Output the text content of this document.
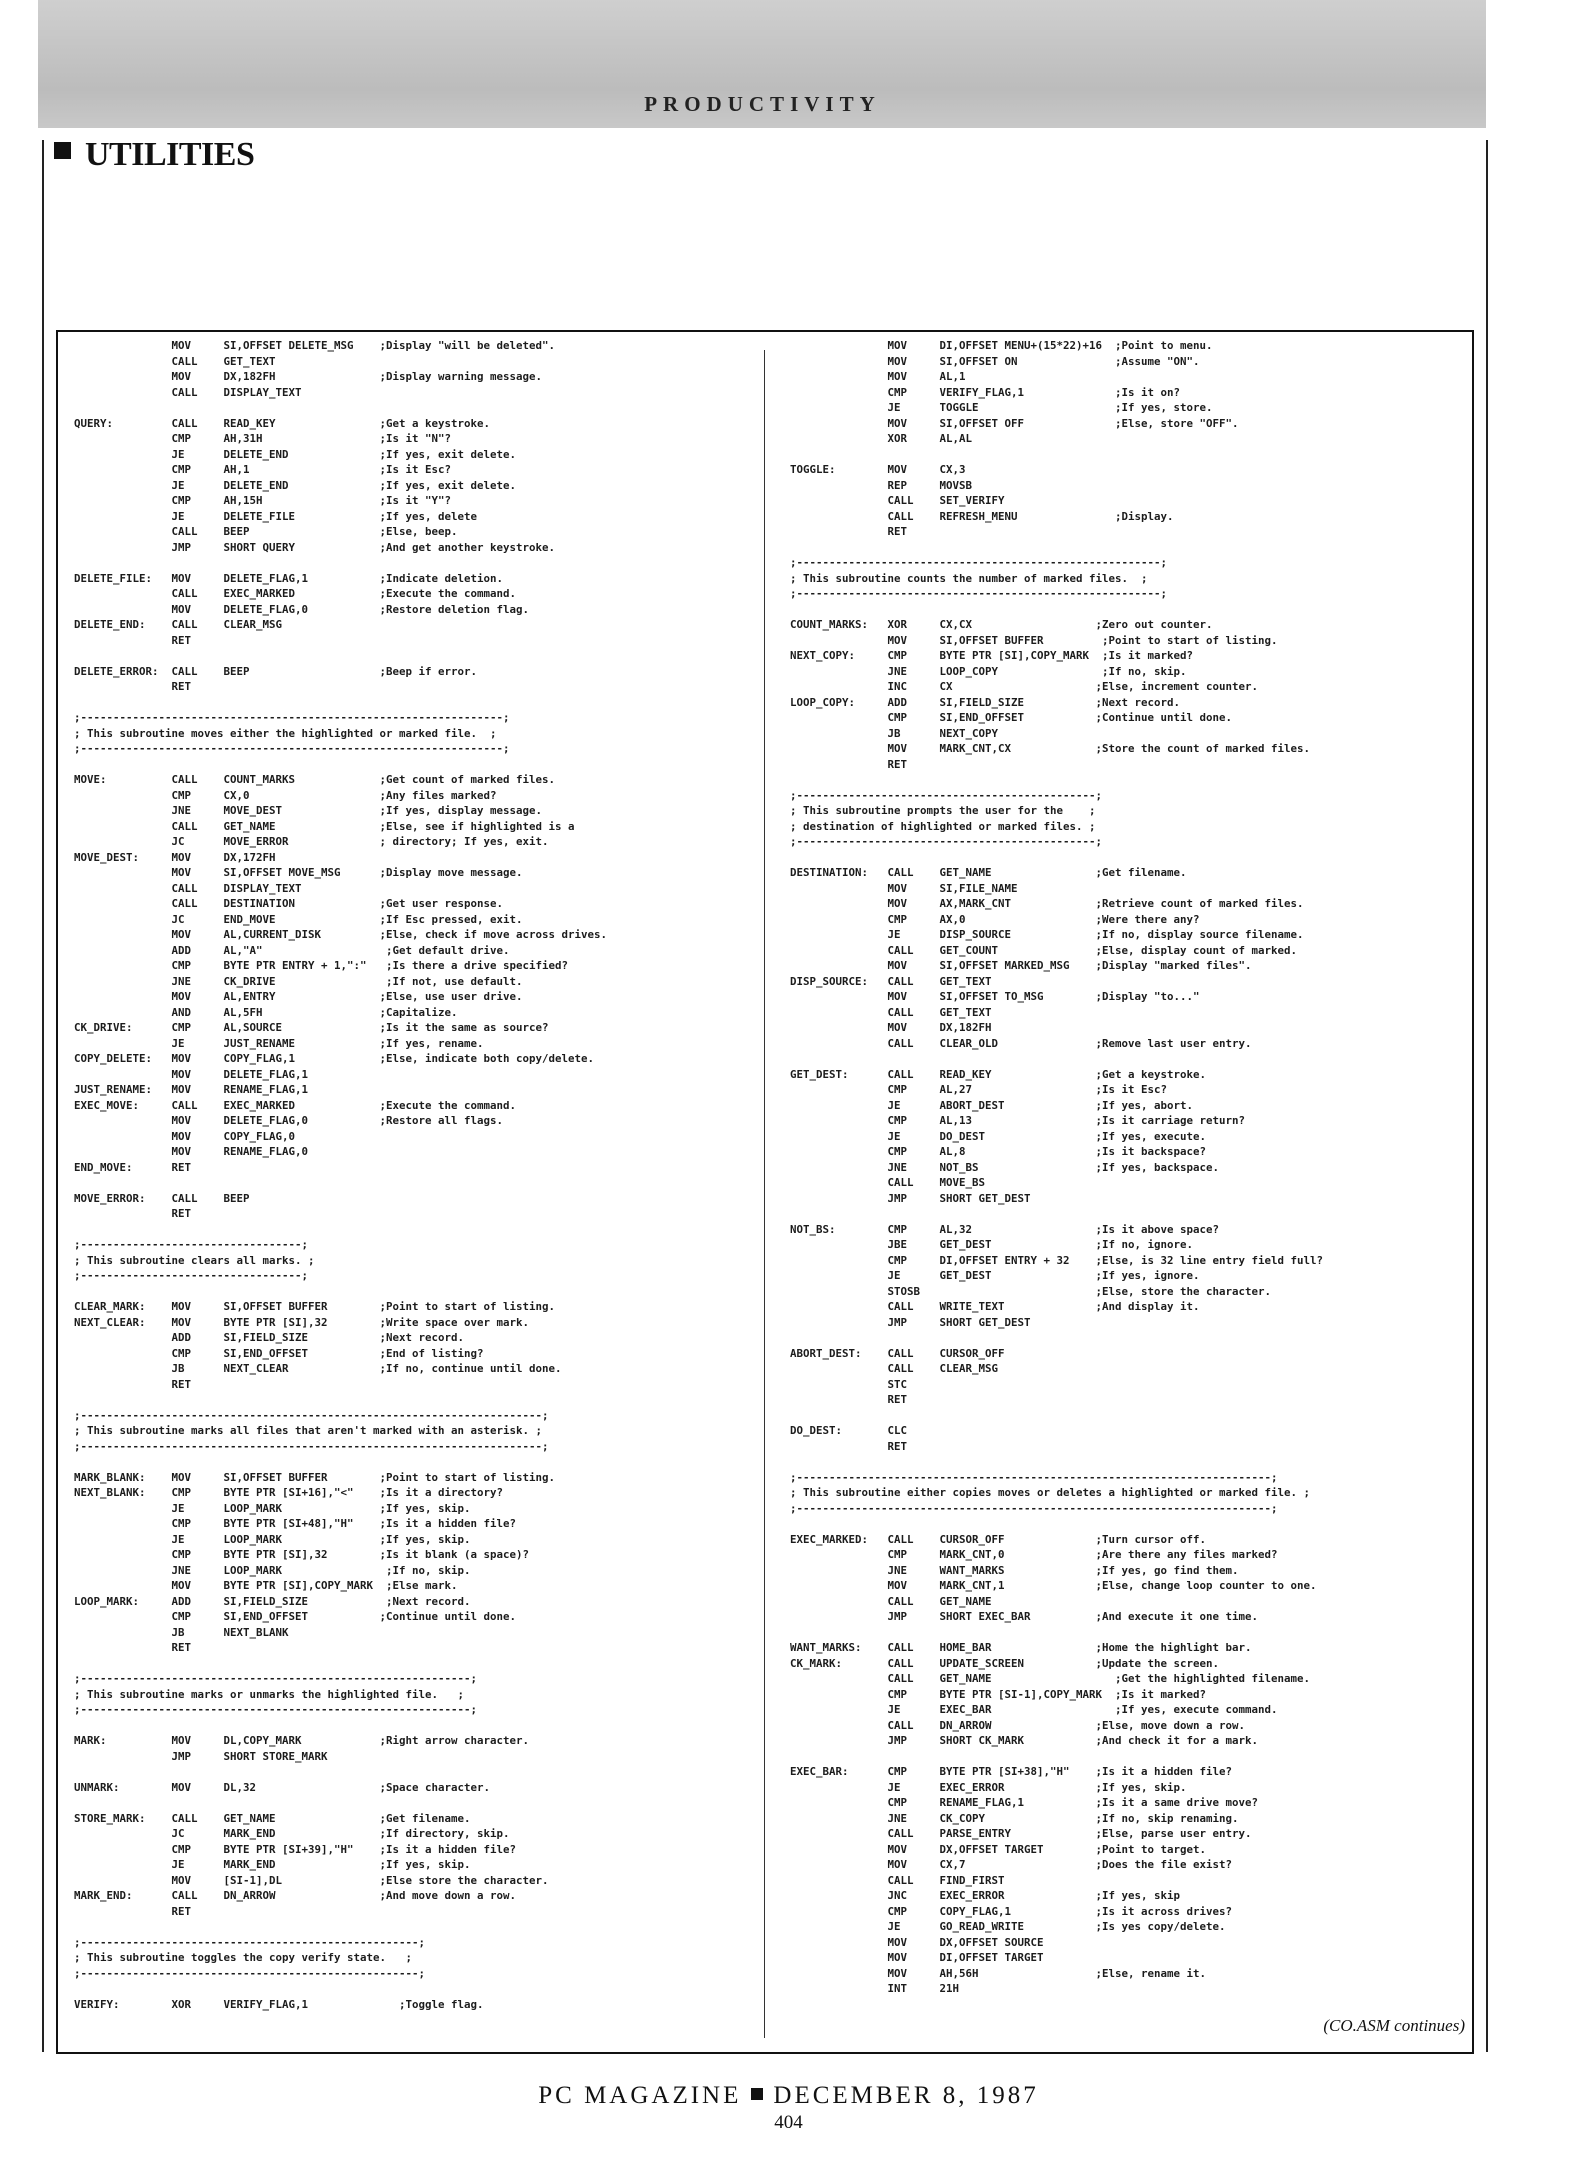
PRODUCTIVITY
UTILITIES
MOV     SI,OFFSET DELETE_MSG    ;Display "will be deleted".
CALL    GET_TEXT
MOV     DX,182FH                ;Display warning message.
CALL    DISPLAY_TEXT

QUERY:         CALL    READ_KEY                ;Get a keystroke.
CMP     AH,31H                  ;Is it "N"?
JE      DELETE_END              ;If yes, exit delete.
CMP     AH,1                    ;Is it Esc?
JE      DELETE_END              ;If yes, exit delete.
CMP     AH,15H                  ;Is it "Y"?
JE      DELETE_FILE             ;If yes, delete
CALL    BEEP                    ;Else, beep.
JMP     SHORT QUERY             ;And get another keystroke.

DELETE_FILE:   MOV     DELETE_FLAG,1           ;Indicate deletion.
CALL    EXEC_MARKED             ;Execute the command.
MOV     DELETE_FLAG,0           ;Restore deletion flag.
DELETE_END:    CALL    CLEAR_MSG
RET

DELETE_ERROR:  CALL    BEEP                    ;Beep if error.
RET

;-----------------------------------------------------------------;
; This subroutine moves either the highlighted or marked file.  ;
;-----------------------------------------------------------------;

MOVE:          CALL    COUNT_MARKS             ;Get count of marked files.
CMP     CX,0                    ;Any files marked?
JNE     MOVE_DEST               ;If yes, display message.
CALL    GET_NAME                ;Else, see if highlighted is a
JC      MOVE_ERROR              ; directory; If yes, exit.
MOVE_DEST:     MOV     DX,172FH
MOV     SI,OFFSET MOVE_MSG      ;Display move message.
CALL    DISPLAY_TEXT
CALL    DESTINATION             ;Get user response.
JC      END_MOVE                ;If Esc pressed, exit.
MOV     AL,CURRENT_DISK         ;Else, check if move across drives.
ADD     AL,"A"                   ;Get default drive.
CMP     BYTE PTR ENTRY + 1,":"   ;Is there a drive specified?
JNE     CK_DRIVE                 ;If not, use default.
MOV     AL,ENTRY                ;Else, use user drive.
AND     AL,5FH                  ;Capitalize.
CK_DRIVE:      CMP     AL,SOURCE               ;Is it the same as source?
JE      JUST_RENAME             ;If yes, rename.
COPY_DELETE:   MOV     COPY_FLAG,1             ;Else, indicate both copy/delete.
MOV     DELETE_FLAG,1
JUST_RENAME:   MOV     RENAME_FLAG,1
EXEC_MOVE:     CALL    EXEC_MARKED             ;Execute the command.
MOV     DELETE_FLAG,0           ;Restore all flags.
MOV     COPY_FLAG,0
MOV     RENAME_FLAG,0
END_MOVE:      RET

MOVE_ERROR:    CALL    BEEP
RET

;----------------------------------;
; This subroutine clears all marks. ;
;----------------------------------;

CLEAR_MARK:    MOV     SI,OFFSET BUFFER        ;Point to start of listing.
NEXT_CLEAR:    MOV     BYTE PTR [SI],32        ;Write space over mark.
ADD     SI,FIELD_SIZE           ;Next record.
CMP     SI,END_OFFSET           ;End of listing?
JB      NEXT_CLEAR              ;If no, continue until done.
RET

;-----------------------------------------------------------------------;
; This subroutine marks all files that aren't marked with an asterisk. ;
;-----------------------------------------------------------------------;

MARK_BLANK:    MOV     SI,OFFSET BUFFER        ;Point to start of listing.
NEXT_BLANK:    CMP     BYTE PTR [SI+16],"<"    ;Is it a directory?
JE      LOOP_MARK               ;If yes, skip.
CMP     BYTE PTR [SI+48],"H"    ;Is it a hidden file?
JE      LOOP_MARK               ;If yes, skip.
CMP     BYTE PTR [SI],32        ;Is it blank (a space)?
JNE     LOOP_MARK                ;If no, skip.
MOV     BYTE PTR [SI],COPY_MARK  ;Else mark.
LOOP_MARK:     ADD     SI,FIELD_SIZE            ;Next record.
CMP     SI,END_OFFSET           ;Continue until done.
JB      NEXT_BLANK
RET

;------------------------------------------------------------;
; This subroutine marks or unmarks the highlighted file.   ;
;------------------------------------------------------------;

MARK:          MOV     DL,COPY_MARK            ;Right arrow character.
JMP     SHORT STORE_MARK

UNMARK:        MOV     DL,32                   ;Space character.

STORE_MARK:    CALL    GET_NAME                ;Get filename.
JC      MARK_END                ;If directory, skip.
CMP     BYTE PTR [SI+39],"H"    ;Is it a hidden file?
JE      MARK_END                ;If yes, skip.
MOV     [SI-1],DL               ;Else store the character.
MARK_END:      CALL    DN_ARROW                ;And move down a row.
RET

;----------------------------------------------------;
; This subroutine toggles the copy verify state.   ;
;----------------------------------------------------;

VERIFY:        XOR     VERIFY_FLAG,1              ;Toggle flag.
MOV     DI,OFFSET MENU+(15*22)+16  ;Point to menu.
MOV     SI,OFFSET ON               ;Assume "ON".
MOV     AL,1
CMP     VERIFY_FLAG,1              ;Is it on?
JE      TOGGLE                     ;If yes, store.
MOV     SI,OFFSET OFF              ;Else, store "OFF".
XOR     AL,AL

TOGGLE:        MOV     CX,3
REP     MOVSB
CALL    SET_VERIFY
CALL    REFRESH_MENU               ;Display.
RET

;--------------------------------------------------------;
; This subroutine counts the number of marked files.  ;
;--------------------------------------------------------;

COUNT_MARKS:   XOR     CX,CX                   ;Zero out counter.
MOV     SI,OFFSET BUFFER         ;Point to start of listing.
NEXT_COPY:     CMP     BYTE PTR [SI],COPY_MARK  ;Is it marked?
JNE     LOOP_COPY                ;If no, skip.
INC     CX                      ;Else, increment counter.
LOOP_COPY:     ADD     SI,FIELD_SIZE           ;Next record.
CMP     SI,END_OFFSET           ;Continue until done.
JB      NEXT_COPY
MOV     MARK_CNT,CX             ;Store the count of marked files.
RET

;----------------------------------------------;
; This subroutine prompts the user for the    ;
; destination of highlighted or marked files. ;
;----------------------------------------------;

DESTINATION:   CALL    GET_NAME                ;Get filename.
MOV     SI,FILE_NAME
MOV     AX,MARK_CNT             ;Retrieve count of marked files.
CMP     AX,0                    ;Were there any?
JE      DISP_SOURCE             ;If no, display source filename.
CALL    GET_COUNT               ;Else, display count of marked.
MOV     SI,OFFSET MARKED_MSG    ;Display "marked files".
DISP_SOURCE:   CALL    GET_TEXT
MOV     SI,OFFSET TO_MSG        ;Display "to..."
CALL    GET_TEXT
MOV     DX,182FH
CALL    CLEAR_OLD               ;Remove last user entry.

GET_DEST:      CALL    READ_KEY                ;Get a keystroke.
CMP     AL,27                   ;Is it Esc?
JE      ABORT_DEST              ;If yes, abort.
CMP     AL,13                   ;Is it carriage return?
JE      DO_DEST                 ;If yes, execute.
CMP     AL,8                    ;Is it backspace?
JNE     NOT_BS                  ;If yes, backspace.
CALL    MOVE_BS
JMP     SHORT GET_DEST

NOT_BS:        CMP     AL,32                   ;Is it above space?
JBE     GET_DEST                ;If no, ignore.
CMP     DI,OFFSET ENTRY + 32    ;Else, is 32 line entry field full?
JE      GET_DEST                ;If yes, ignore.
STOSB                           ;Else, store the character.
CALL    WRITE_TEXT              ;And display it.
JMP     SHORT GET_DEST

ABORT_DEST:    CALL    CURSOR_OFF
CALL    CLEAR_MSG
STC
RET

DO_DEST:       CLC
RET

;-------------------------------------------------------------------------;
; This subroutine either copies moves or deletes a highlighted or marked file. ;
;-------------------------------------------------------------------------;

EXEC_MARKED:   CALL    CURSOR_OFF              ;Turn cursor off.
CMP     MARK_CNT,0              ;Are there any files marked?
JNE     WANT_MARKS              ;If yes, go find them.
MOV     MARK_CNT,1              ;Else, change loop counter to one.
CALL    GET_NAME
JMP     SHORT EXEC_BAR          ;And execute it one time.

WANT_MARKS:    CALL    HOME_BAR                ;Home the highlight bar.
CK_MARK:       CALL    UPDATE_SCREEN           ;Update the screen.
CALL    GET_NAME                   ;Get the highlighted filename.
CMP     BYTE PTR [SI-1],COPY_MARK  ;Is it marked?
JE      EXEC_BAR                   ;If yes, execute command.
CALL    DN_ARROW                ;Else, move down a row.
JMP     SHORT CK_MARK           ;And check it for a mark.

EXEC_BAR:      CMP     BYTE PTR [SI+38],"H"    ;Is it a hidden file?
JE      EXEC_ERROR              ;If yes, skip.
CMP     RENAME_FLAG,1           ;Is it a same drive move?
JNE     CK_COPY                 ;If no, skip renaming.
CALL    PARSE_ENTRY             ;Else, parse user entry.
MOV     DX,OFFSET TARGET        ;Point to target.
MOV     CX,7                    ;Does the file exist?
CALL    FIND_FIRST
JNC     EXEC_ERROR              ;If yes, skip
CMP     COPY_FLAG,1             ;Is it across drives?
JE      GO_READ_WRITE           ;Is yes copy/delete.
MOV     DX,OFFSET SOURCE
MOV     DI,OFFSET TARGET
MOV     AH,56H                  ;Else, rename it.
INT     21H
(CO.ASM continues)
PC MAGAZINE DECEMBER 8, 1987
404
